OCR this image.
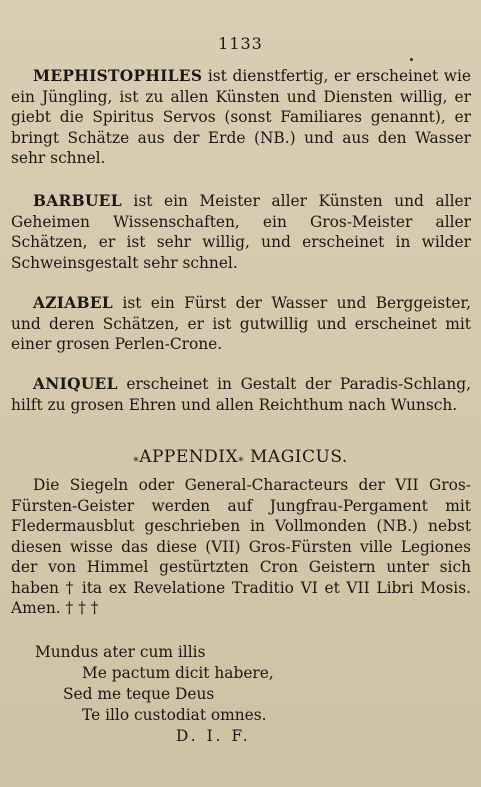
1133

MEPHISTOPHILES ist dienstfertig, er erscheinet wie ein Jüngling, ist zu allen Künsten und Diensten willig, er giebt die Spiritus Servos (sonst Familiares genannt), er bringt Schätze aus der Erde (NB.) und aus den Wasser sehr schnel.

BARBUEL ist ein Meister aller Künsten und aller Geheimen Wissenschaften, ein Gros-Meister aller Schätzen, er ist sehr willig, und erscheinet in wilder Schweinsgestalt sehr schnel.

AZIABEL ist ein Fürst der Wasser und Berggeister, und deren Schätzen, er ist gutwillig und erscheinet mit einer grosen Perlen-Crone.

ANIQUEL erscheinet in Gestalt der Paradis-Schlang, hilft zu grosen Ehren und allen Reichthum nach Wunsch.

*APPENDIX* MAGICUS.

Die Siegeln oder General-Characteurs der VII Gros-Fürsten-Geister werden auf Jungfrau-Pergament mit Fledermausblut geschrieben in Vollmonden (NB.) nebst diesen wisse das diese (VII) Gros-Fürsten ville Legiones der von Himmel gestürtzten Cron Geistern unter sich haben † ita ex Revelatione Traditio VI et VII Libri Mosis. Amen. † † †

Mundus ater cum illis
Me pactum dicit habere,
Sed me teque Deus
Te illo custodiat omnes.
D. I. F.
